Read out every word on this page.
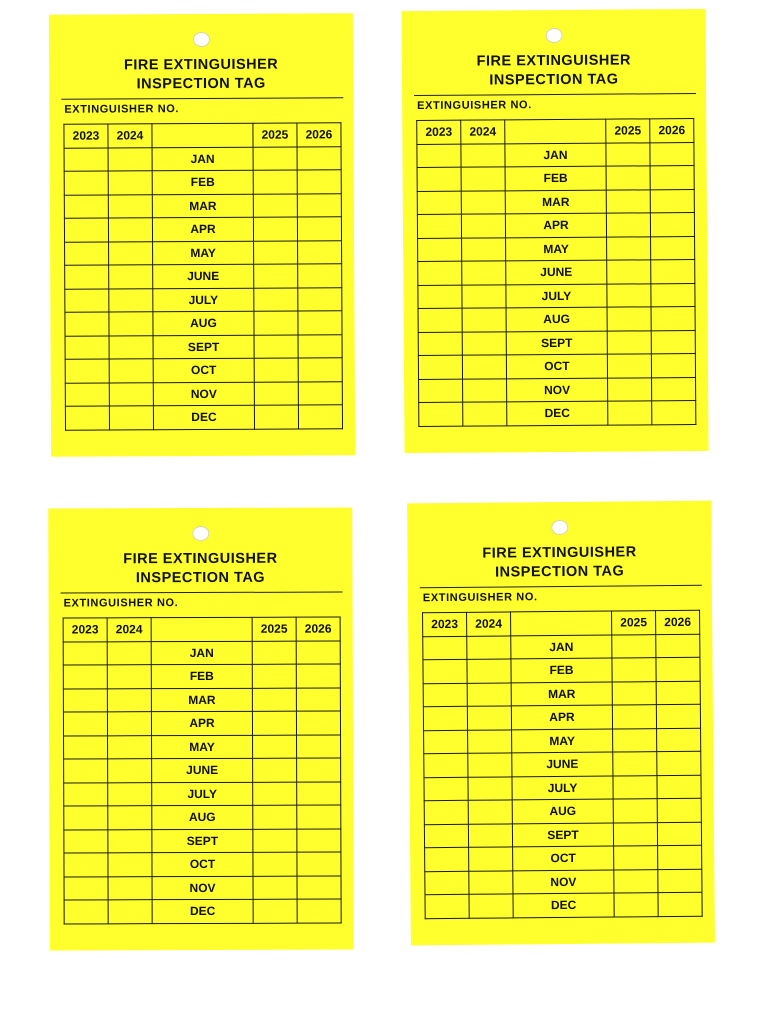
FIRE EXTINGUISHER
INSPECTION TAG
EXTINGUISHER NO.
2023	2024		2025	2026
		JAN		
		FEB		
		MAR		
		APR		
		MAY		
		JUNE		
		JULY		
		AUG		
		SEPT		
		OCT		
		NOV		
		DEC		
FIRE EXTINGUISHER
INSPECTION TAG
EXTINGUISHER NO.
2023	2024		2025	2026
		JAN		
		FEB		
		MAR		
		APR		
		MAY		
		JUNE		
		JULY		
		AUG		
		SEPT		
		OCT		
		NOV		
		DEC		
FIRE EXTINGUISHER
INSPECTION TAG
EXTINGUISHER NO.
2023	2024		2025	2026
		JAN		
		FEB		
		MAR		
		APR		
		MAY		
		JUNE		
		JULY		
		AUG		
		SEPT		
		OCT		
		NOV		
		DEC		
FIRE EXTINGUISHER
INSPECTION TAG
EXTINGUISHER NO.
2023	2024		2025	2026
		JAN		
		FEB		
		MAR		
		APR		
		MAY		
		JUNE		
		JULY		
		AUG		
		SEPT		
		OCT		
		NOV		
		DEC		
